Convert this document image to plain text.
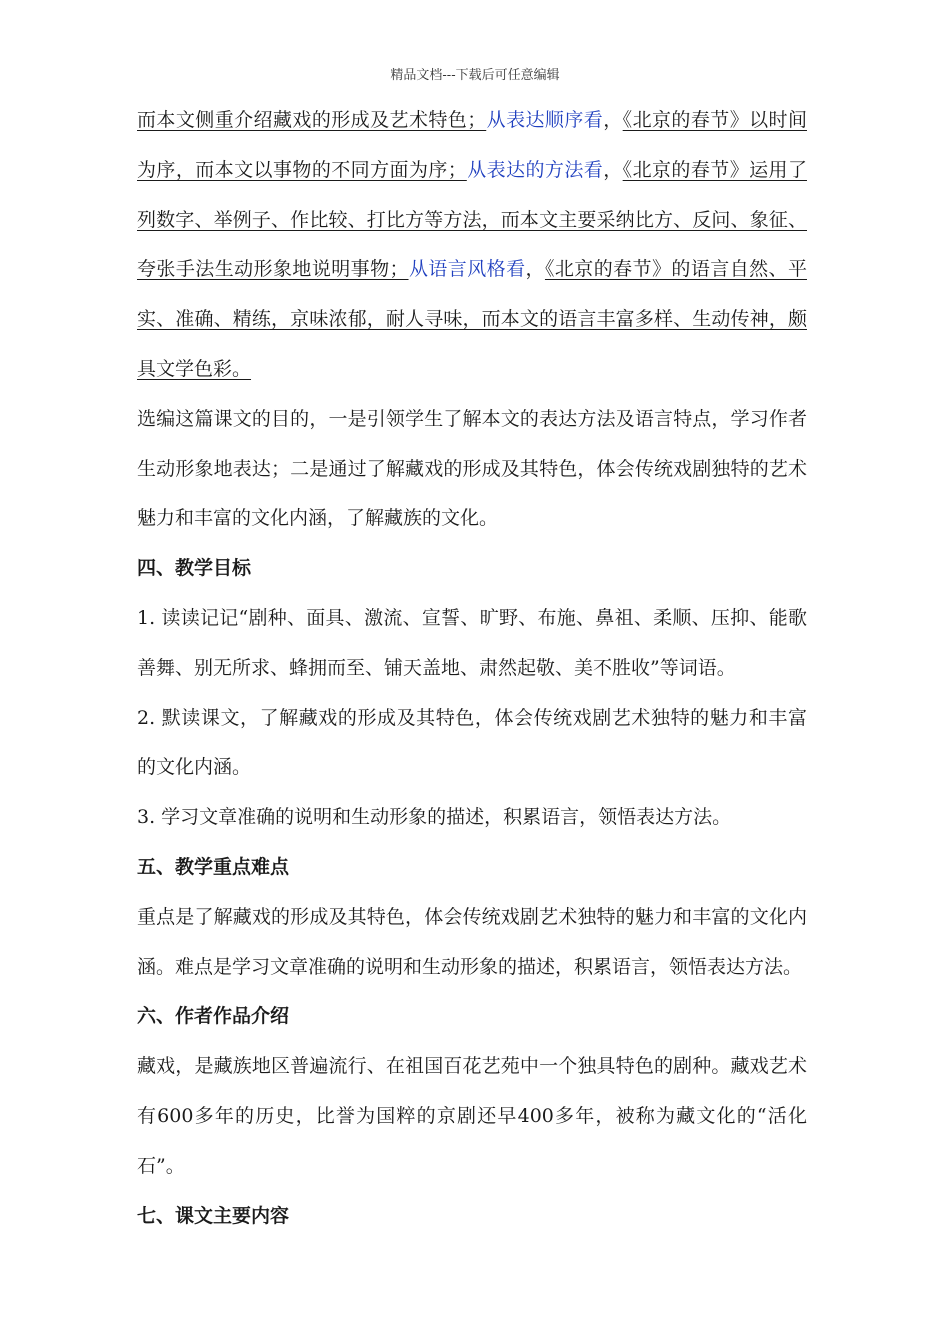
精品文档---下载后可任意编辑

而本文侧重介绍藏戏的形成及艺术特色；从表达顺序看，《北京的春节》以时间为序，而本文以事物的不同方面为序；从表达的方法看，《北京的春节》运用了列数字、举例子、作比较、打比方等方法，而本文主要采纳比方、反问、象征、夸张手法生动形象地说明事物；从语言风格看，《北京的春节》的语言自然、平实、准确、精练，京味浓郁，耐人寻味，而本文的语言丰富多样、生动传神，颇具文学色彩。

选编这篇课文的目的，一是引领学生了解本文的表达方法及语言特点，学习作者生动形象地表达；二是通过了解藏戏的形成及其特色，体会传统戏剧独特的艺术魅力和丰富的文化内涵，了解藏族的文化。

四、教学目标

1. 读读记记“剧种、面具、激流、宣誓、旷野、布施、鼻祖、柔顺、压抑、能歌善舞、别无所求、蜂拥而至、铺天盖地、肃然起敬、美不胜收”等词语。

2. 默读课文，了解藏戏的形成及其特色，体会传统戏剧艺术独特的魅力和丰富的文化内涵。

3. 学习文章准确的说明和生动形象的描述，积累语言，领悟表达方法。

五、教学重点难点

重点是了解藏戏的形成及其特色，体会传统戏剧艺术独特的魅力和丰富的文化内涵。难点是学习文章准确的说明和生动形象的描述，积累语言，领悟表达方法。

六、作者作品介绍

藏戏，是藏族地区普遍流行、在祖国百花艺苑中一个独具特色的剧种。藏戏艺术有600多年的历史，比誉为国粹的京剧还早400多年，被称为藏文化的“活化石”。

七、课文主要内容
